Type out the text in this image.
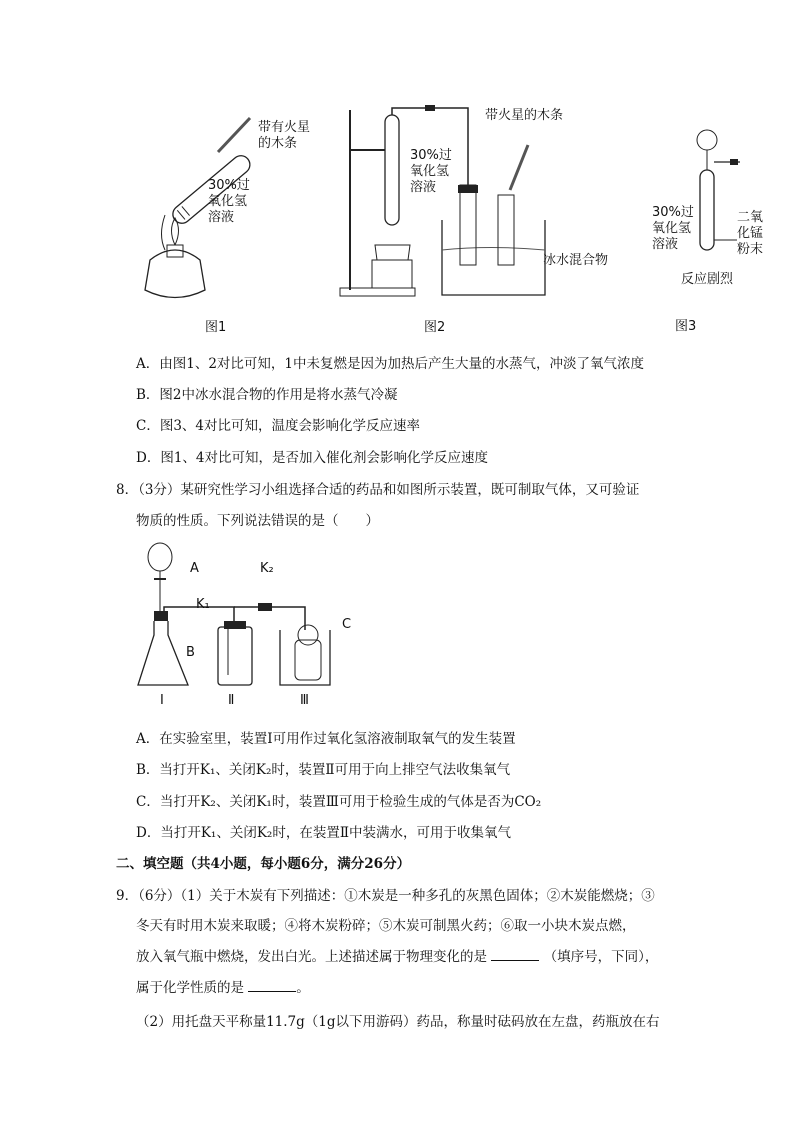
带有火星
的木条
30%过
氧化氢
溶液
图1
带火星的木条
30%过
氧化氢
溶液
冰水混合物
图2
30%过
氧化氢
溶液
二氧
化锰
粉末
反应剧烈
图3
A．由图1、2对比可知，1中未复燃是因为加热后产生大量的水蒸气，冲淡了氧气浓度
B．图2中冰水混合物的作用是将水蒸气冷凝
C．图3、4对比可知，温度会影响化学反应速率
D．图1、4对比可知，是否加入催化剂会影响化学反应速度
8．（3分）某研究性学习小组选择合适的药品和如图所示装置，既可制取气体，又可验证
物质的性质。下列说法错误的是（　　）
A	K₂
K₁
C
B
Ⅰ	Ⅱ	Ⅲ
A．在实验室里，装置Ⅰ可用作过氧化氢溶液制取氧气的发生装置
B．当打开K₁、关闭K₂时，装置Ⅱ可用于向上排空气法收集氧气
C．当打开K₂、关闭K₁时，装置Ⅲ可用于检验生成的气体是否为CO₂
D．当打开K₁、关闭K₂时，在装置Ⅱ中装满水，可用于收集氧气
二、填空题（共4小题，每小题6分，满分26分）
9．（6分）（1）关于木炭有下列描述：①木炭是一种多孔的灰黑色固体；②木炭能燃烧；③
冬天有时用木炭来取暖；④将木炭粉碎；⑤木炭可制黑火药；⑥取一小块木炭点燃，
放入氧气瓶中燃烧，发出白光。上述描述属于物理变化的是	（填序号，下同），
属于化学性质的是	。
（2）用托盘天平称量11.7g（1g以下用游码）药品，称量时砝码放在左盘，药瓶放在右
